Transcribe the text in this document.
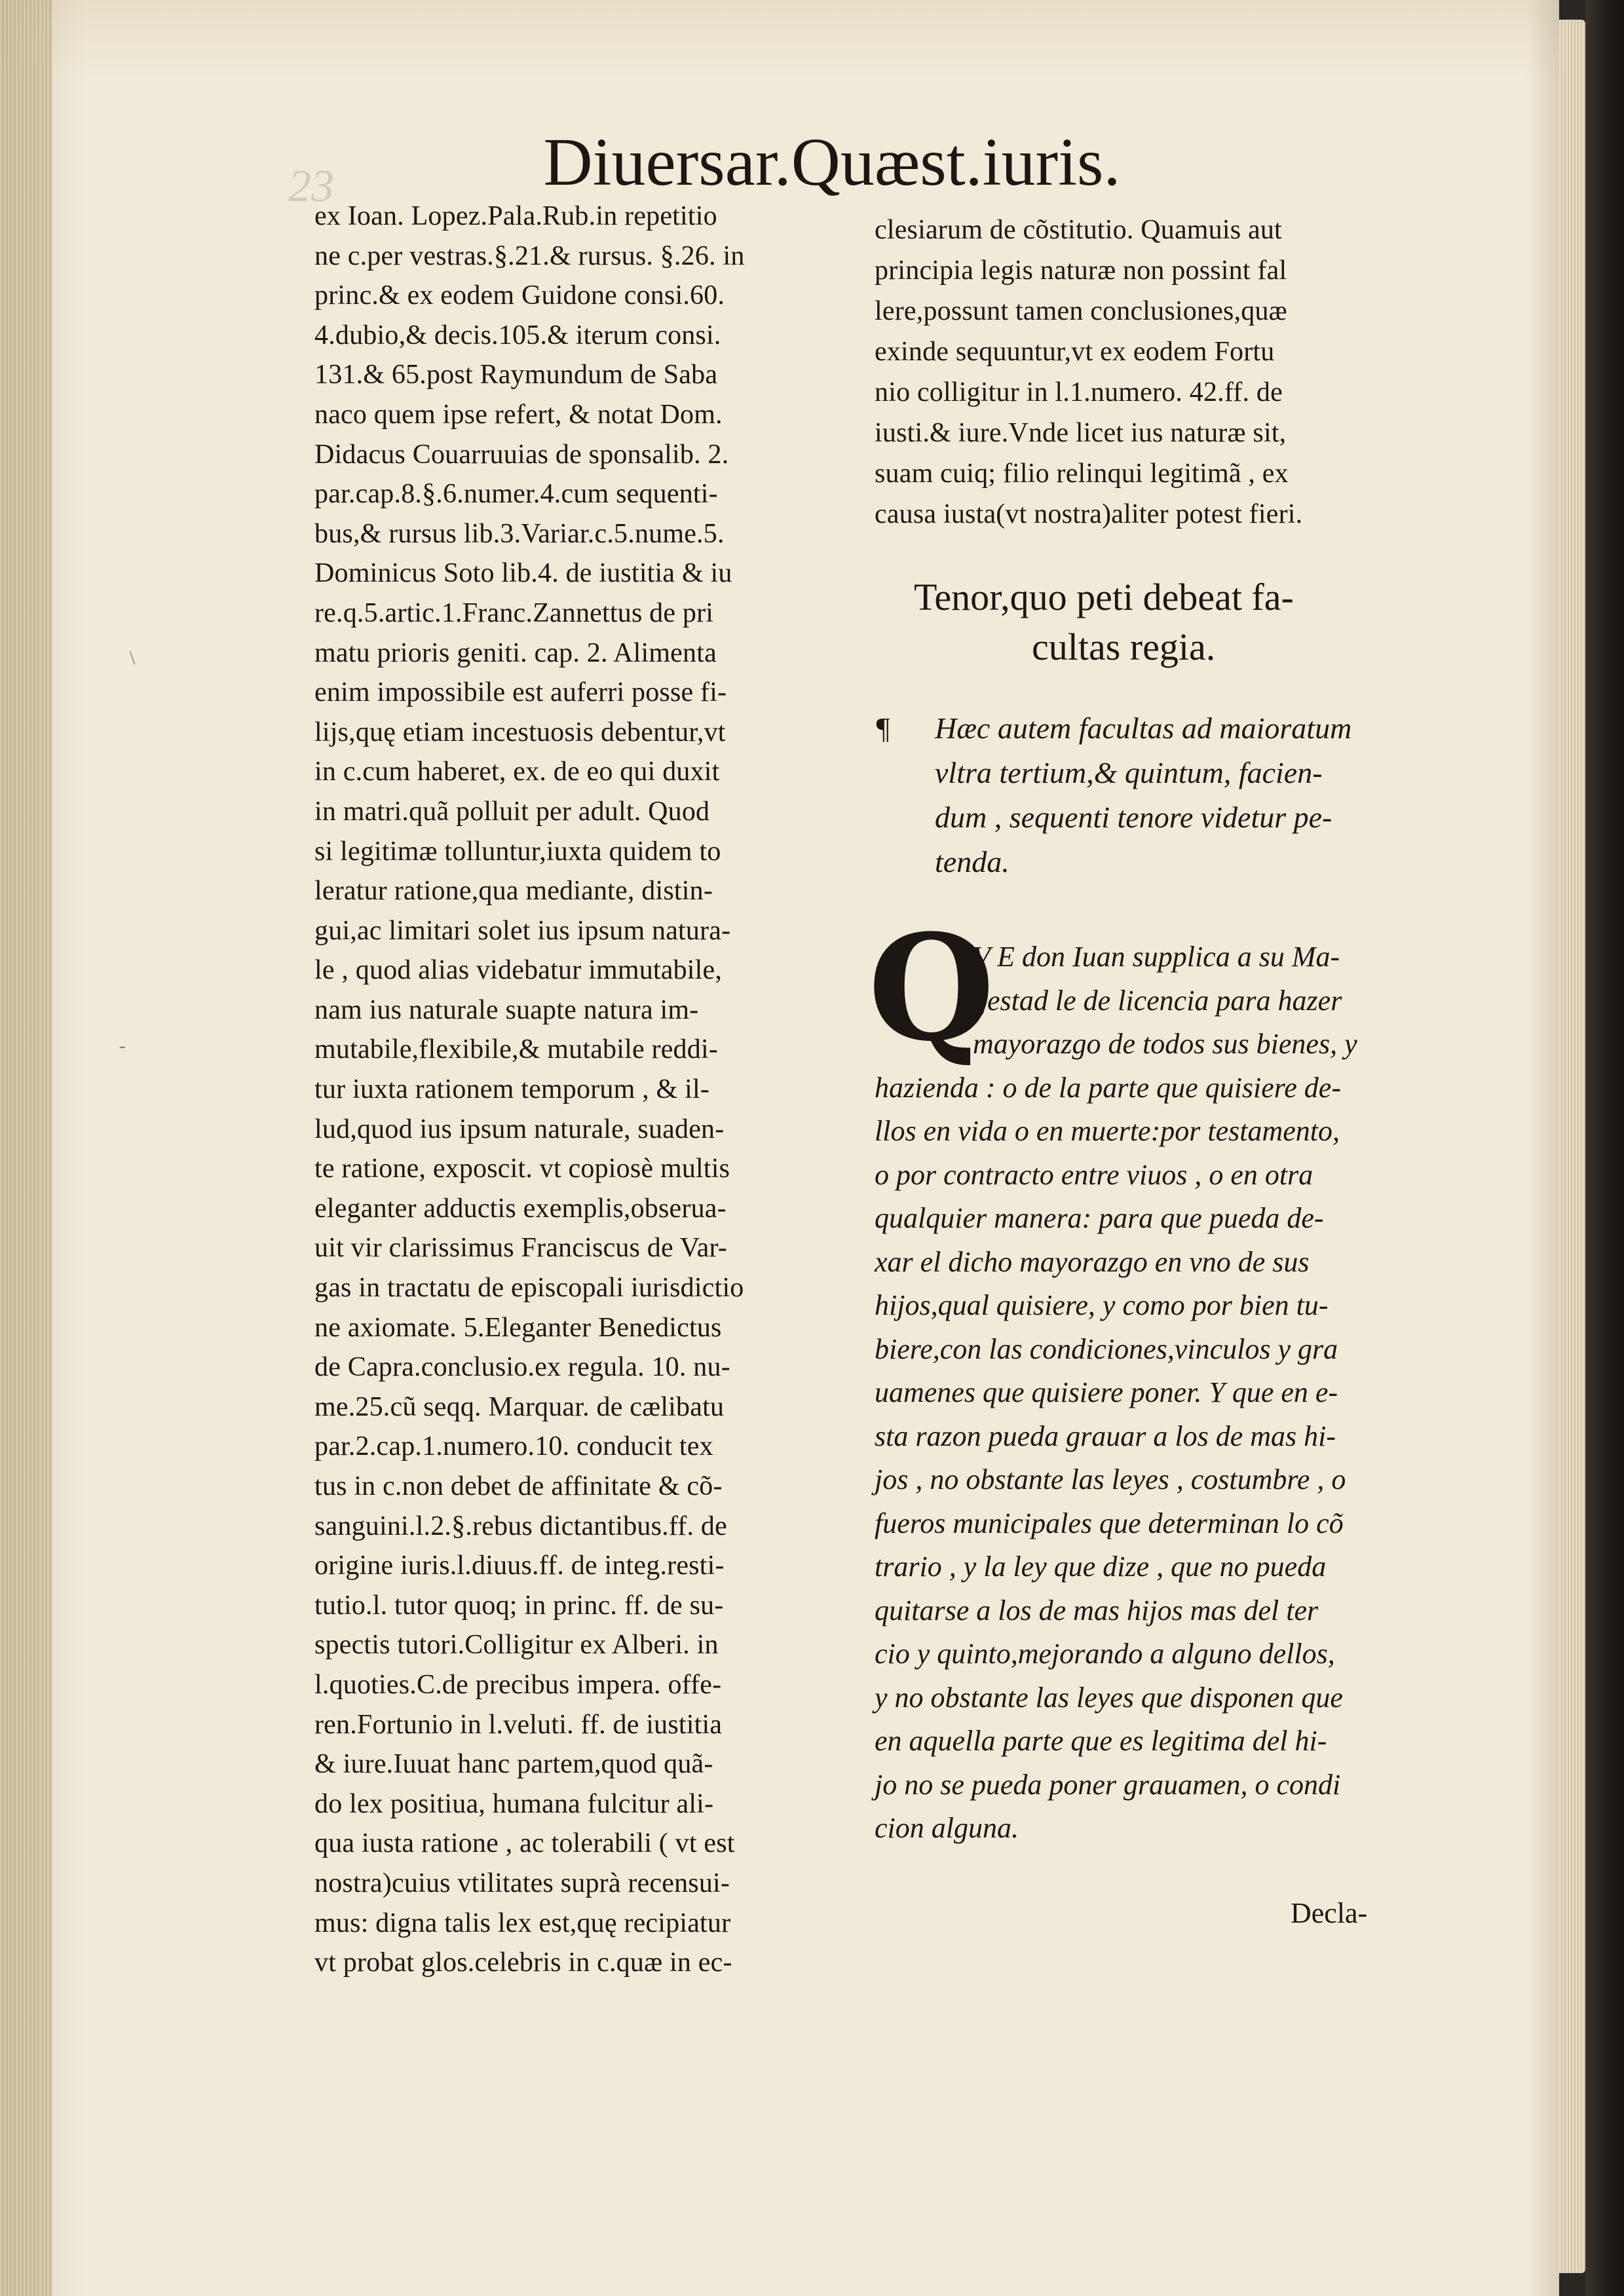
23	Diuersar.Quæst.iuris.
\
-
ex Ioan. Lopez.Pala.Rub.in repetitio
ne c.per vestras.§.21.& rursus. §.26. in
princ.& ex eodem Guidone consi.60.
4.dubio,& decis.105.& iterum consi.
131.& 65.post Raymundum de Saba
naco quem ipse refert, & notat Dom.
Didacus Couarruuias de sponsalib. 2.
par.cap.8.§.6.numer.4.cum sequenti-
bus,& rursus lib.3.Variar.c.5.nume.5.
Dominicus Soto lib.4. de iustitia & iu
re.q.5.artic.1.Franc.Zannettus de pri
matu prioris geniti. cap. 2. Alimenta
enim impossibile est auferri posse fi-
lijs,quę etiam incestuosis debentur,vt
in c.cum haberet, ex. de eo qui duxit
in matri.quã polluit per adult. Quod
si legitimæ tolluntur,iuxta quidem to
leratur ratione,qua mediante, distin-
gui,ac limitari solet ius ipsum natura-
le , quod alias videbatur immutabile,
nam ius naturale suapte natura im-
mutabile,flexibile,& mutabile reddi-
tur iuxta rationem temporum , & il-
lud,quod ius ipsum naturale, suaden-
te ratione, exposcit. vt copiosè multis
eleganter adductis exemplis,obserua-
uit vir clarissimus Franciscus de Var-
gas in tractatu de episcopali iurisdictio
ne axiomate. 5.Eleganter Benedictus
de Capra.conclusio.ex regula. 10. nu-
me.25.cũ seqq. Marquar. de cælibatu
par.2.cap.1.numero.10. conducit tex
tus in c.non debet de affinitate & cõ-
sanguini.l.2.§.rebus dictantibus.ff. de
origine iuris.l.diuus.ff. de integ.resti-
tutio.l. tutor quoq; in princ. ff. de su-
spectis tutori.Colligitur ex Alberi. in
l.quoties.C.de precibus impera. offe-
ren.Fortunio in l.veluti. ff. de iustitia
& iure.Iuuat hanc partem,quod quã-
do lex positiua, humana fulcitur ali-
qua iusta ratione , ac tolerabili ( vt est
nostra)cuius vtilitates suprà recensui-
mus: digna talis lex est,quę recipiatur
vt probat glos.celebris in c.quæ in ec-
clesiarum de cõstitutio. Quamuis aut
principia legis naturæ non possint fal
lere,possunt tamen conclusiones,quæ
exinde sequuntur,vt ex eodem Fortu
nio colligitur in l.1.numero. 42.ff. de
iusti.& iure.Vnde licet ius naturæ sit,
suam cuiq; filio relinqui legitimã , ex
causa iusta(vt nostra)aliter potest fieri.
Tenor,quo peti debeat fa-
cultas regia.
¶ Hæc autem facultas ad maioratum
vltra tertium,& quintum, facien-
dum , sequenti tenore videtur pe-
tenda.
Q
V E don Iuan supplica a su Ma-
gestad le de licencia para hazer
mayorazgo de todos sus bienes, y
hazienda : o de la parte que quisiere de-
llos en vida o en muerte:por testamento,
o por contracto entre viuos , o en otra
qualquier manera: para que pueda de-
xar el dicho mayorazgo en vno de sus
hijos,qual quisiere, y como por bien tu-
biere,con las condiciones,vinculos y gra
uamenes que quisiere poner. Y que en e-
sta razon pueda grauar a los de mas hi-
jos , no obstante las leyes , costumbre , o
fueros municipales que determinan lo cõ
trario , y la ley que dize , que no pueda
quitarse a los de mas hijos mas del ter
cio y quinto,mejorando a alguno dellos,
y no obstante las leyes que disponen que
en aquella parte que es legitima del hi-
jo no se pueda poner grauamen, o condi
cion alguna.
Decla-
